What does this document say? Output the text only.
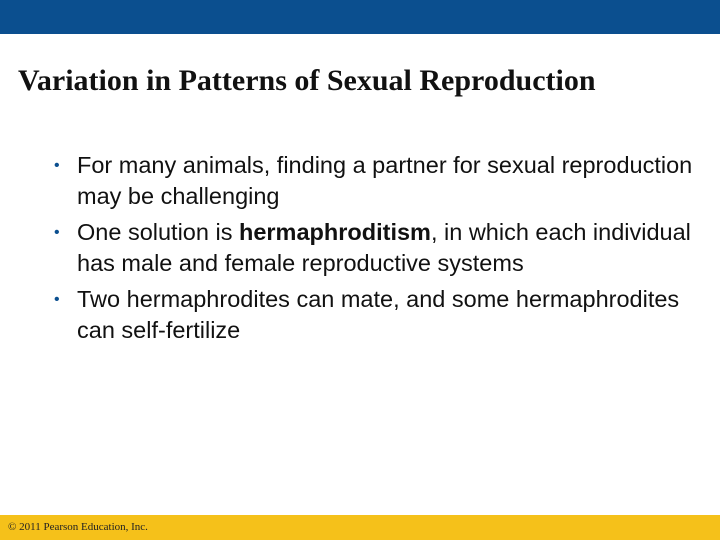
Variation in Patterns of Sexual Reproduction
• For many animals, finding a partner for sexual reproduction may be challenging
• One solution is hermaphroditism, in which each individual has male and female reproductive systems
• Two hermaphrodites can mate, and some hermaphrodites can self-fertilize
© 2011 Pearson Education, Inc.
